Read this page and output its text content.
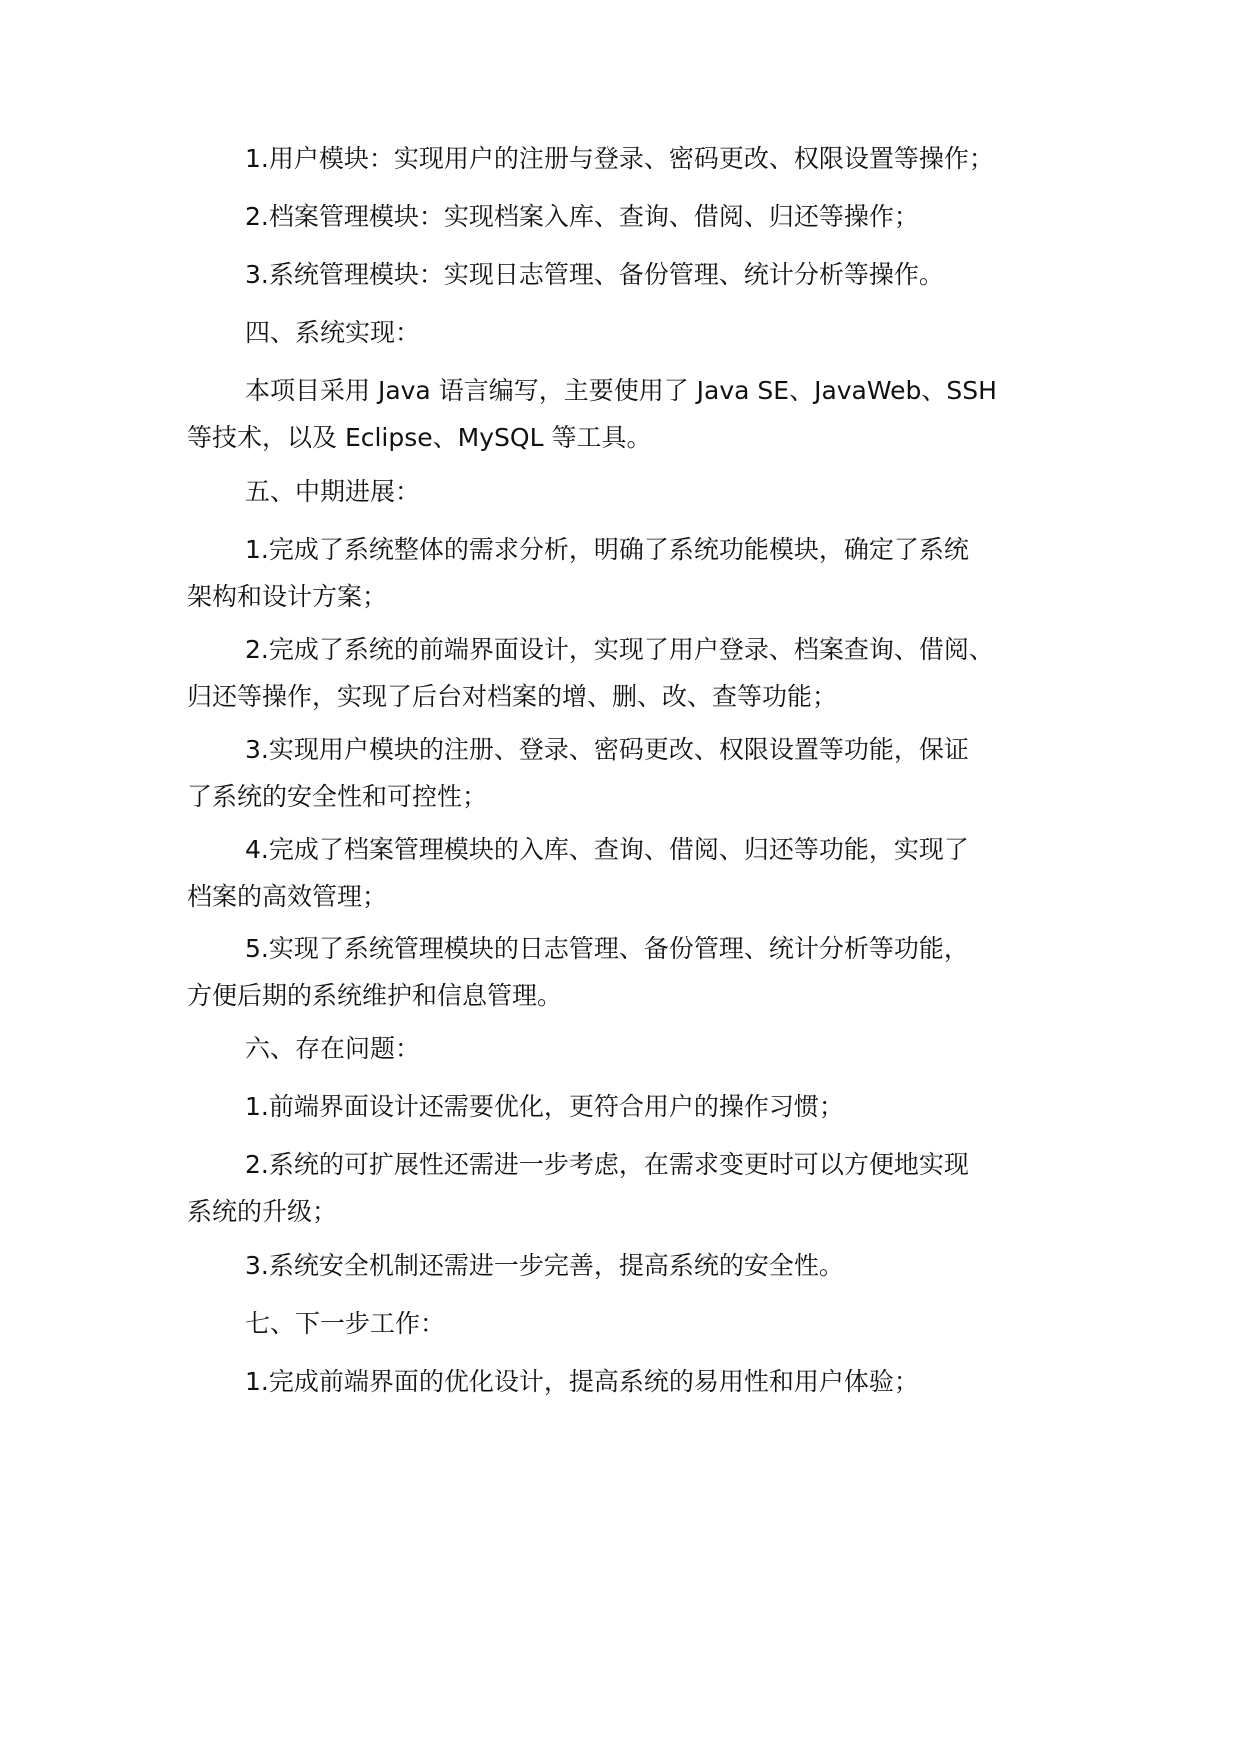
1.用户模块：实现用户的注册与登录、密码更改、权限设置等操作；

2.档案管理模块：实现档案入库、查询、借阅、归还等操作；

3.系统管理模块：实现日志管理、备份管理、统计分析等操作。

四、系统实现：

本项目采用 Java 语言编写，主要使用了 Java SE、JavaWeb、SSH
等技术，以及 Eclipse、MySQL 等工具。

五、中期进展：

1.完成了系统整体的需求分析，明确了系统功能模块，确定了系统
架构和设计方案；

2.完成了系统的前端界面设计，实现了用户登录、档案查询、借阅、
归还等操作，实现了后台对档案的增、删、改、查等功能；

3.实现用户模块的注册、登录、密码更改、权限设置等功能，保证
了系统的安全性和可控性；

4.完成了档案管理模块的入库、查询、借阅、归还等功能，实现了
档案的高效管理；

5.实现了系统管理模块的日志管理、备份管理、统计分析等功能，
方便后期的系统维护和信息管理。

六、存在问题：

1.前端界面设计还需要优化，更符合用户的操作习惯；

2.系统的可扩展性还需进一步考虑，在需求变更时可以方便地实现
系统的升级；

3.系统安全机制还需进一步完善，提高系统的安全性。

七、下一步工作：

1.完成前端界面的优化设计，提高系统的易用性和用户体验；
